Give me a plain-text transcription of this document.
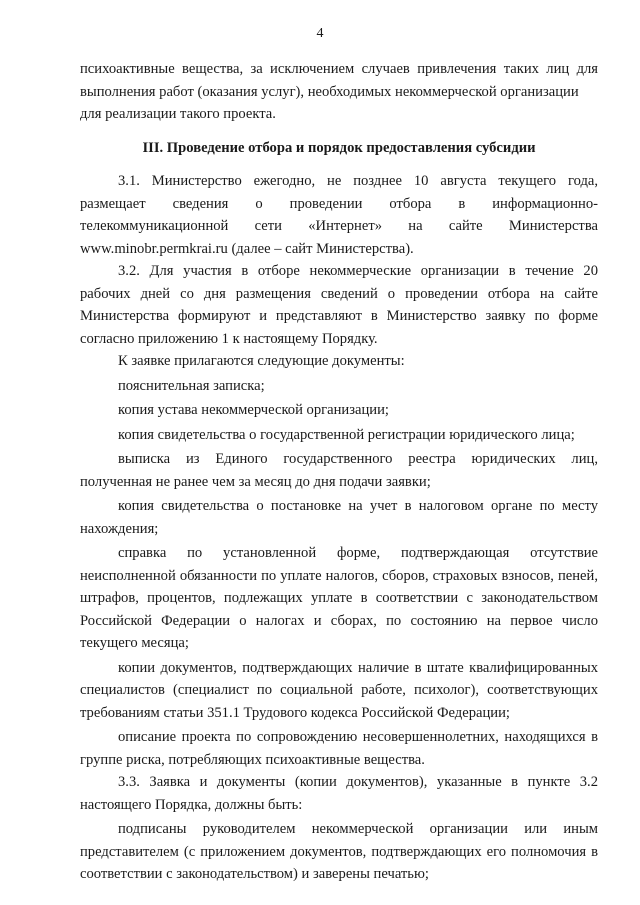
4

психоактивные вещества, за исключением случаев привлечения таких лиц для выполнения работ (оказания услуг), необходимых некоммерческой организации

для реализации такого проекта.

III. Проведение отбора и порядок предоставления субсидии

3.1. Министерство ежегодно, не позднее 10 августа текущего года, размещает сведения о проведении отбора в информационно-телекоммуникационной сети «Интернет» на сайте Министерства www.minobr.permkrai.ru (далее – сайт Министерства).

3.2. Для участия в отборе некоммерческие организации в течение 20 рабочих дней со дня размещения сведений о проведении отбора на сайте Министерства формируют и представляют в Министерство заявку по форме согласно приложению 1 к настоящему Порядку.

К заявке прилагаются следующие документы:

пояснительная записка;

копия устава некоммерческой организации;

копия свидетельства о государственной регистрации юридического лица;

выписка из Единого государственного реестра юридических лиц, полученная не ранее чем за месяц до дня подачи заявки;

копия свидетельства о постановке на учет в налоговом органе по месту нахождения;

справка по установленной форме, подтверждающая отсутствие неисполненной обязанности по уплате налогов, сборов, страховых взносов, пеней, штрафов, процентов, подлежащих уплате в соответствии с законодательством Российской Федерации о налогах и сборах, по состоянию на первое число текущего месяца;

копии документов, подтверждающих наличие в штате квалифицированных специалистов (специалист по социальной работе, психолог), соответствующих требованиям статьи 351.1 Трудового кодекса Российской Федерации;

описание проекта по сопровождению несовершеннолетних, находящихся в группе риска, потребляющих психоактивные вещества.

3.3. Заявка и документы (копии документов), указанные в пункте 3.2 настоящего Порядка, должны быть:

подписаны руководителем некоммерческой организации или иным представителем (с приложением документов, подтверждающих его полномочия в соответствии с законодательством) и заверены печатью;
